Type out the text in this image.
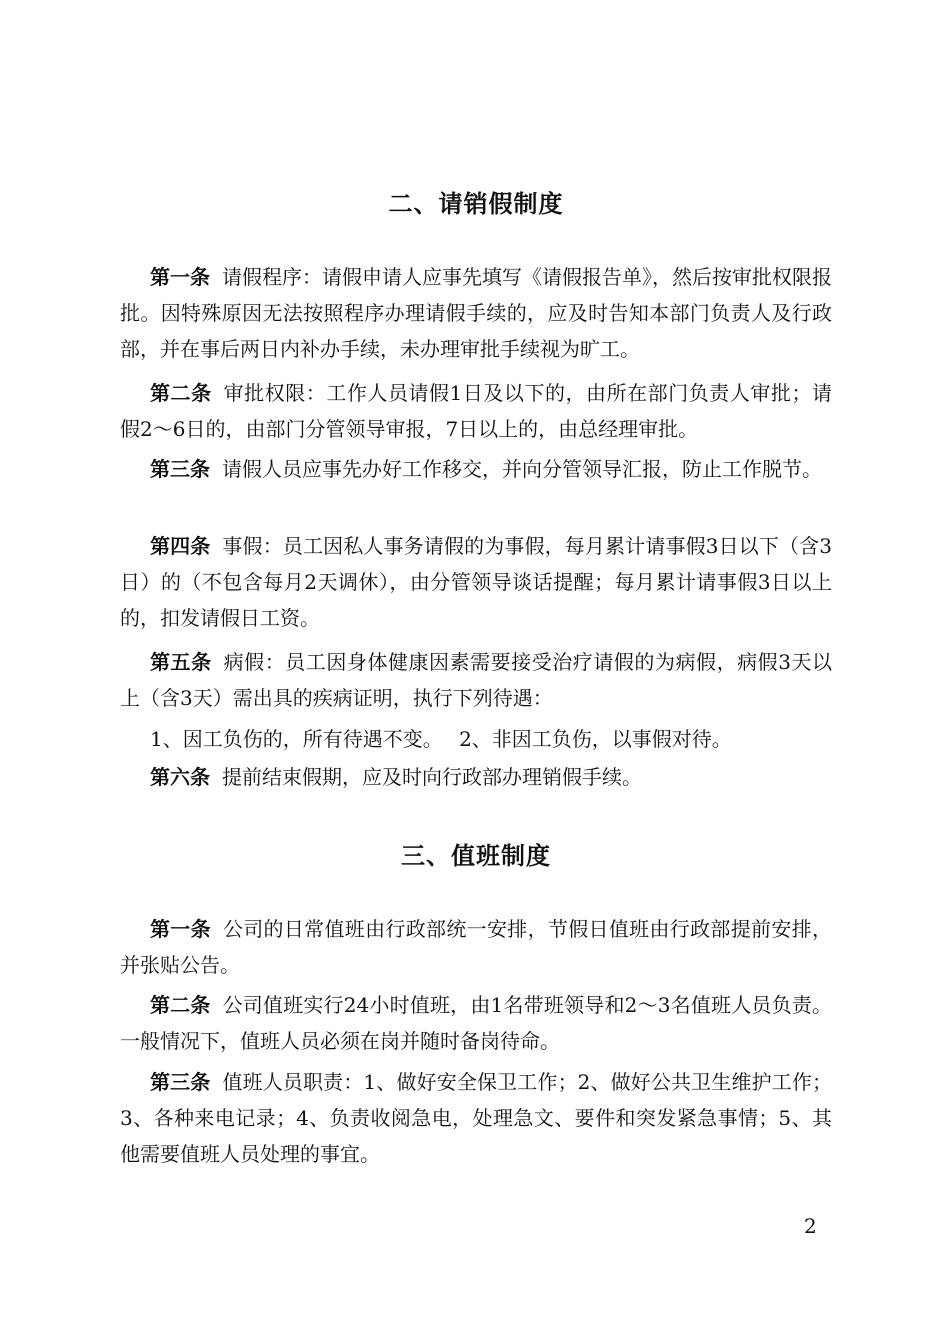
二、请销假制度

第一条 请假程序：请假申请人应事先填写《请假报告单》，然后按审批权限报批。因特殊原因无法按照程序办理请假手续的，应及时告知本部门负责人及行政部，并在事后两日内补办手续，未办理审批手续视为旷工。

第二条 审批权限：工作人员请假1日及以下的，由所在部门负责人审批；请假2～6日的，由部门分管领导审报，7日以上的，由总经理审批。

第三条 请假人员应事先办好工作移交，并向分管领导汇报，防止工作脱节。

第四条 事假：员工因私人事务请假的为事假，每月累计请事假3日以下（含3日）的（不包含每月2天调休），由分管领导谈话提醒；每月累计请事假3日以上的，扣发请假日工资。

第五条 病假：员工因身体健康因素需要接受治疗请假的为病假，病假3天以上（含3天）需出具的疾病证明，执行下列待遇：

1、因工负伤的，所有待遇不变。　 2、非因工负伤，以事假对待。

第六条 提前结束假期，应及时向行政部办理销假手续。

三、值班制度

第一条 公司的日常值班由行政部统一安排，节假日值班由行政部提前安排，并张贴公告。

第二条 公司值班实行24小时值班，由1名带班领导和2～3名值班人员负责。一般情况下，值班人员必须在岗并随时备岗待命。

第三条 值班人员职责：1、做好安全保卫工作；2、做好公共卫生维护工作；3、各种来电记录；4、负责收阅急电，处理急文、要件和突发紧急事情；5、其他需要值班人员处理的事宜。

2
